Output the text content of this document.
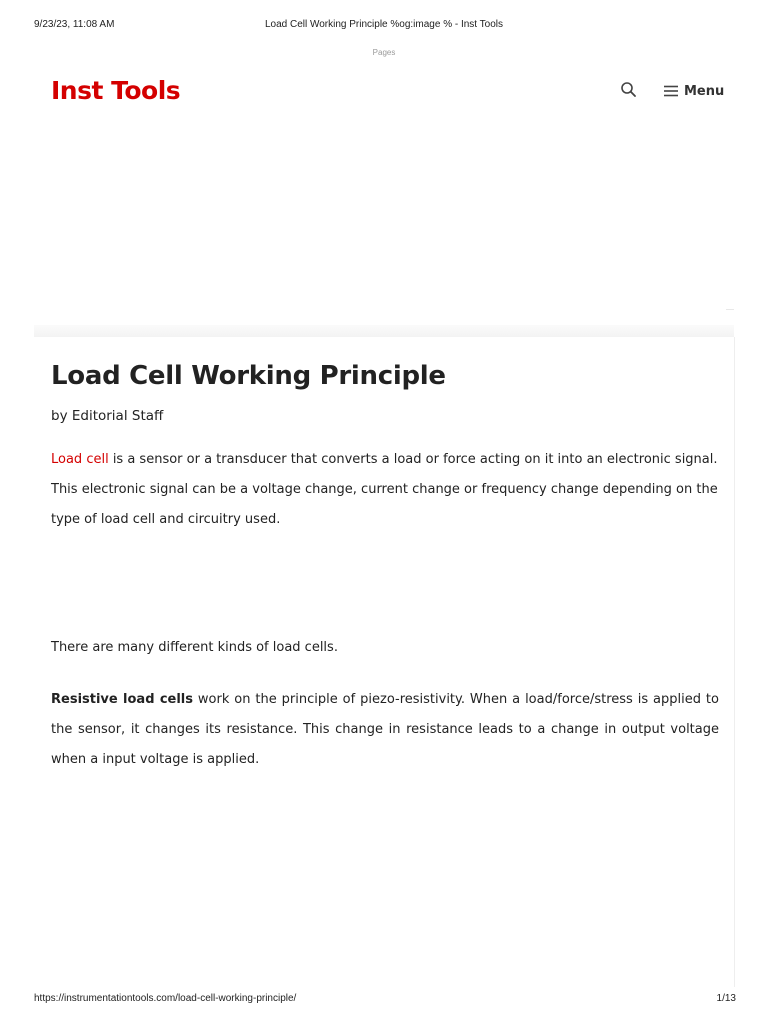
9/23/23, 11:08 AM	Load Cell Working Principle %og:image % - Inst Tools
Pages
Inst Tools	Menu
Load Cell Working Principle
by Editorial Staff

Load cell is a sensor or a transducer that converts a load or force acting on it into an electronic signal. This electronic signal can be a voltage change, current change or frequency change depending on the type of load cell and circuitry used.

There are many different kinds of load cells.

Resistive load cells work on the principle of piezo-resistivity. When a load/force/stress is applied to the sensor, it changes its resistance. This change in resistance leads to a change in output voltage when a input voltage is applied.

https://instrumentationtools.com/load-cell-working-principle/	1/13
